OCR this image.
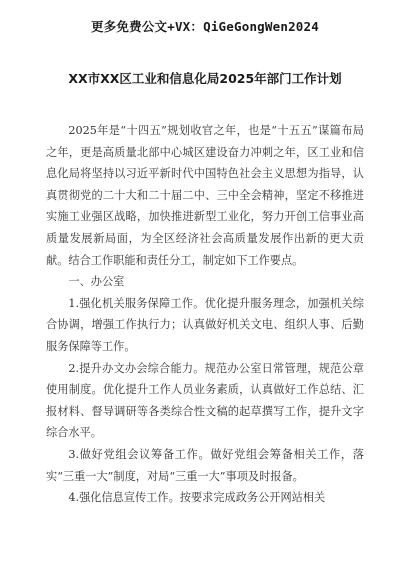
更多免费公文+VX：QiGeGongWen2024
XX市XX区工业和信息化局2025年部门工作计划

2025年是“十四五”规划收官之年，也是“十五五”谋篇布局之年，更是高质量北部中心城区建设奋力冲刺之年，区工业和信息化局将坚持以习近平新时代中国特色社会主义思想为指导，认真贯彻党的二十大和二十届二中、三中全会精神，坚定不移推进实施工业强区战略，加快推进新型工业化，努力开创工信事业高质量发展新局面，为全区经济社会高质量发展作出新的更大贡献。结合工作职能和责任分工，制定如下工作要点。

一、办公室

1.强化机关服务保障工作。优化提升服务理念，加强机关综合协调，增强工作执行力；认真做好机关文电、组织人事、后勤服务保障等工作。

2.提升办文办会综合能力。规范办公室日常管理，规范公章使用制度。优化提升工作人员业务素质，认真做好工作总结、汇报材料、督导调研等各类综合性文稿的起草撰写工作，提升文字综合水平。

3.做好党组会议筹备工作。做好党组会筹备相关工作，落实“三重一大”制度，对局“三重一大”事项及时报备。

4.强化信息宣传工作。按要求完成政务公开网站相关
